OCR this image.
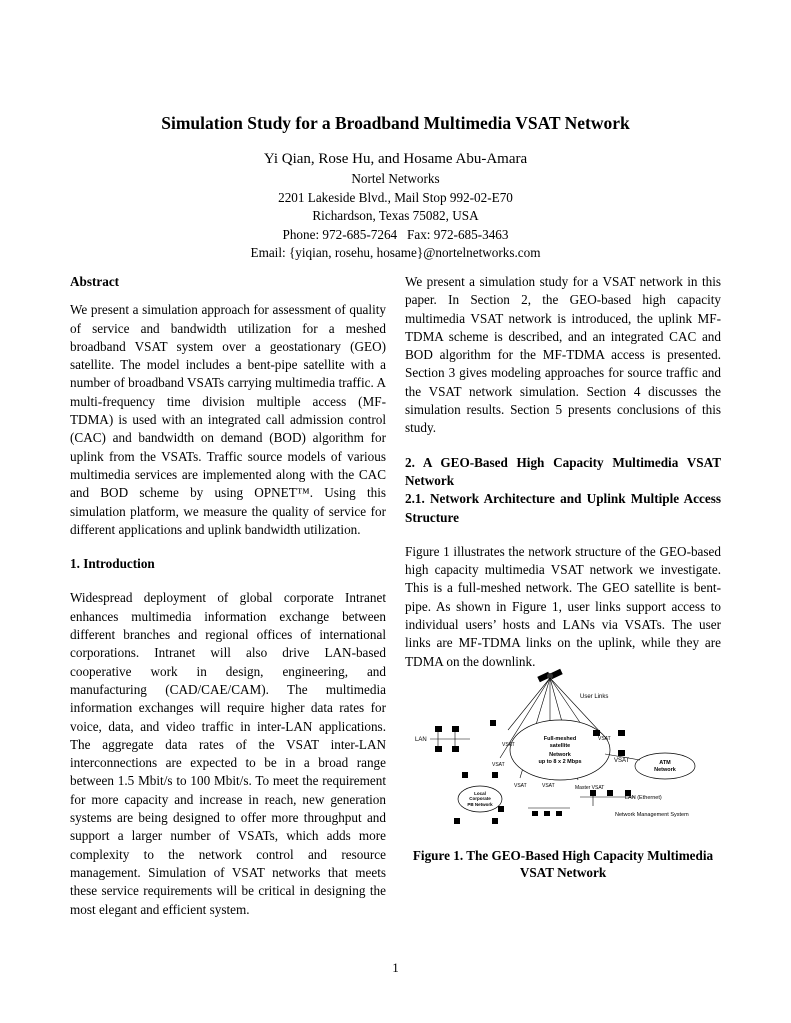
Simulation Study for a Broadband Multimedia VSAT Network
Yi Qian, Rose Hu, and Hosame Abu-Amara
Nortel Networks
2201 Lakeside Blvd., Mail Stop 992-02-E70
Richardson, Texas 75082, USA
Phone: 972-685-7264   Fax: 972-685-3463
Email: {yiqian, rosehu, hosame}@nortelnetworks.com

Abstract

We present a simulation approach for assessment of quality of service and bandwidth utilization for a meshed broadband VSAT system over a geostationary (GEO) satellite. The model includes a bent-pipe satellite with a number of broadband VSATs carrying multimedia traffic. A multi-frequency time division multiple access (MF-TDMA) is used with an integrated call admission control (CAC) and bandwidth on demand (BOD) algorithm for uplink from the VSATs. Traffic source models of various multimedia services are implemented along with the CAC and BOD scheme by using OPNET™. Using this simulation platform, we measure the quality of service for different applications and uplink bandwidth utilization.

1. Introduction

Widespread deployment of global corporate Intranet enhances multimedia information exchange between different branches and regional offices of international corporations. Intranet will also drive LAN-based cooperative work in design, engineering, and manufacturing (CAD/CAE/CAM). The multimedia information exchanges will require higher data rates for voice, data, and video traffic in inter-LAN applications. The aggregate data rates of the VSAT inter-LAN interconnections are expected to be in a broad range between 1.5 Mbit/s to 100 Mbit/s. To meet the requirement for more capacity and increase in reach, new generation systems are being designed to offer more throughput and support a larger number of VSATs, which adds more complexity to the network control and resource management. Simulation of VSAT networks that meets these service requirements will be critical in designing the most elegant and efficient system.

We present a simulation study for a VSAT network in this paper. In Section 2, the GEO-based high capacity multimedia VSAT network is introduced, the uplink MF-TDMA scheme is described, and an integrated CAC and BOD algorithm for the MF-TDMA access is presented. Section 3 gives modeling approaches for source traffic and the VSAT network simulation. Section 4 discusses the simulation results. Section 5 presents conclusions of this study.

2. A GEO-Based High Capacity Multimedia VSAT Network

2.1. Network Architecture and Uplink Multiple Access Structure

Figure 1 illustrates the network structure of the GEO-based high capacity multimedia VSAT network we investigate. This is a full-meshed network. The GEO satellite is bent-pipe. As shown in Figure 1, user links support access to individual users’ hosts and LANs via VSATs. The user links are MF-TDMA links on the uplink, while they are TDMA on the downlink.

User Links
Full-meshed
satellite
Network
up to 8 x 2 Mbps	ATM
Network
Local
Corporate
PB Network
LAN
VSAT
VSAT
VSAT	VSAT
VSAT
VSAT
Master VSAT
LAN (Ethernet)
Network Management System
Figure 1. The GEO-Based High Capacity Multimedia VSAT Network
1
